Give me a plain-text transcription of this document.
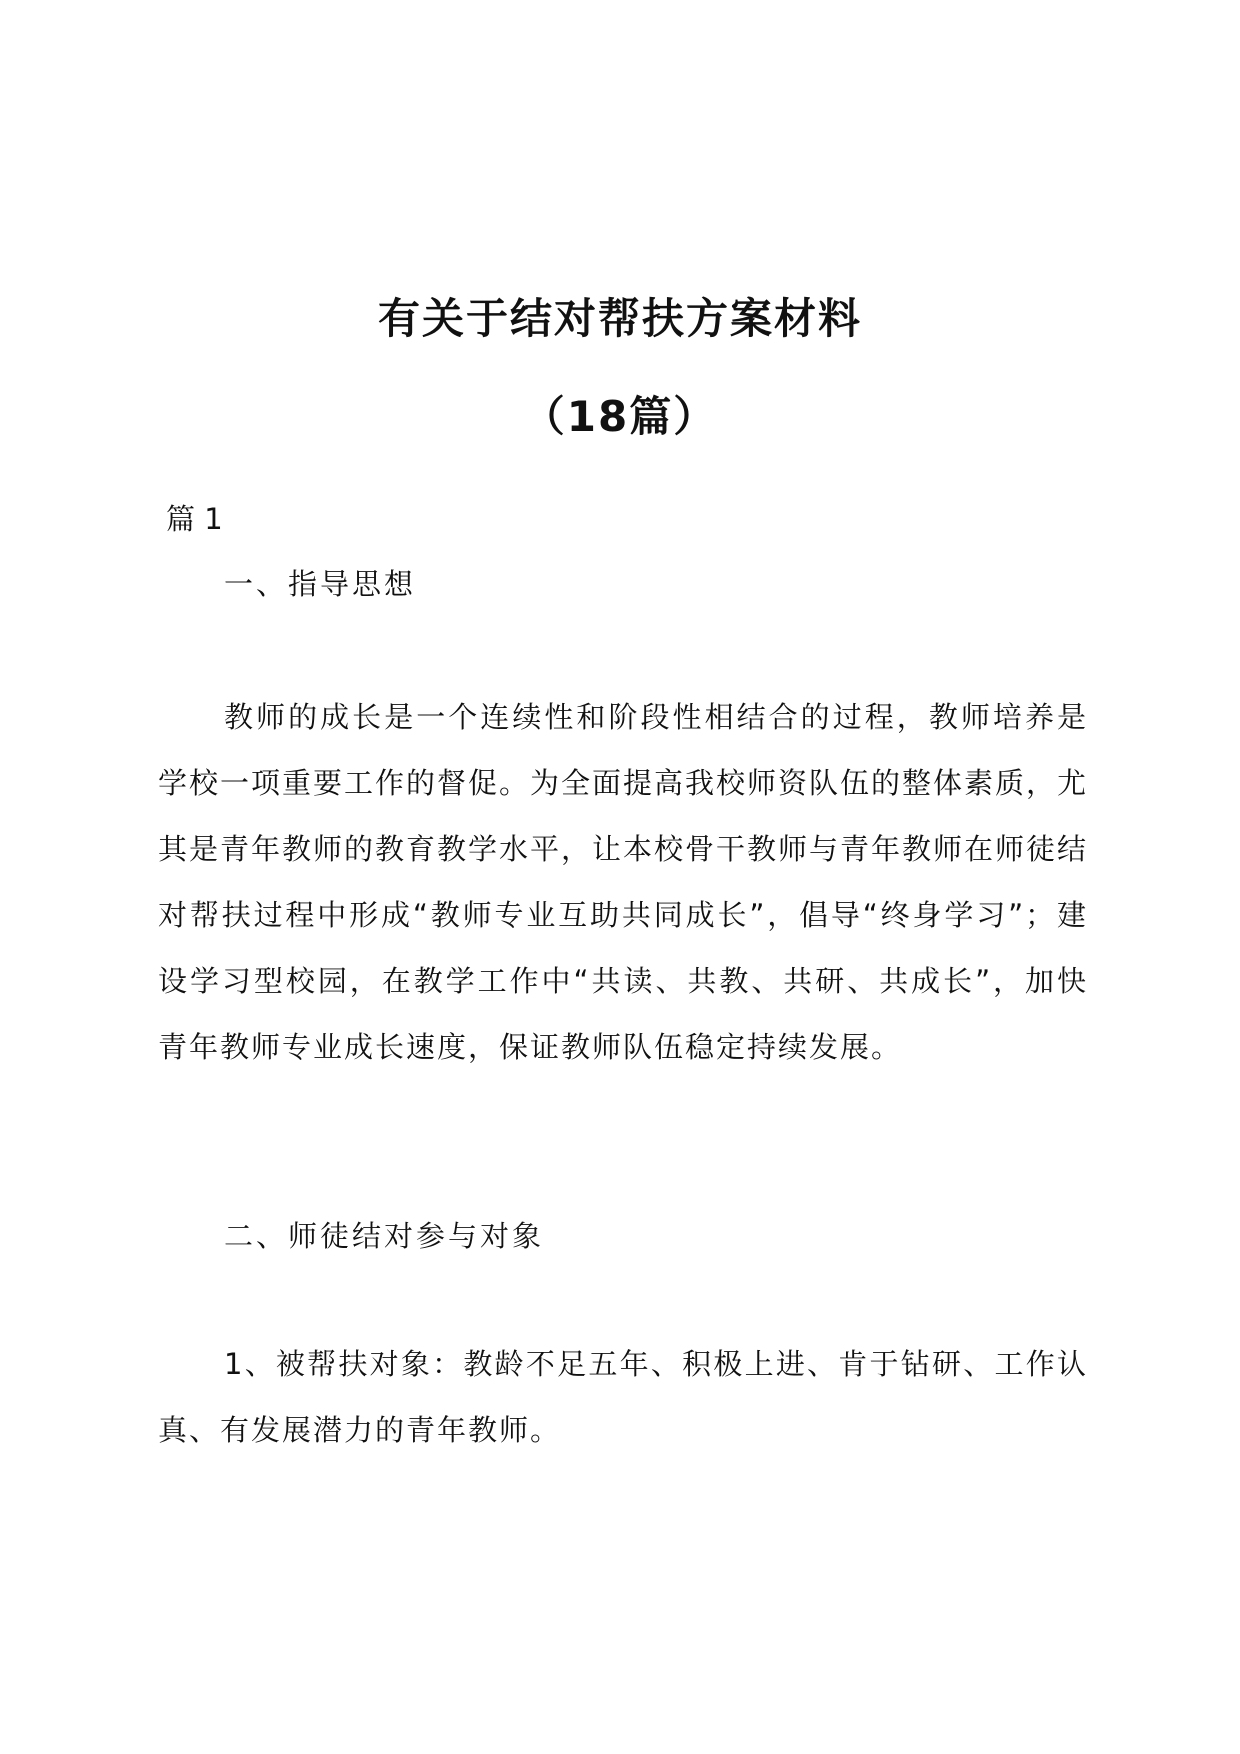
有关于结对帮扶方案材料
（18篇）
篇 1
一、指导思想

教师的成长是一个连续性和阶段性相结合的过程，教师培养是学校一项重要工作的督促。为全面提高我校师资队伍的整体素质，尤其是青年教师的教育教学水平，让本校骨干教师与青年教师在师徒结对帮扶过程中形成“教师专业互助共同成长”，倡导“终身学习”；建设学习型校园，在教学工作中“共读、共教、共研、共成长”，加快青年教师专业成长速度，保证教师队伍稳定持续发展。

二、师徒结对参与对象

1、被帮扶对象：教龄不足五年、积极上进、肯于钻研、工作认真、有发展潜力的青年教师。
